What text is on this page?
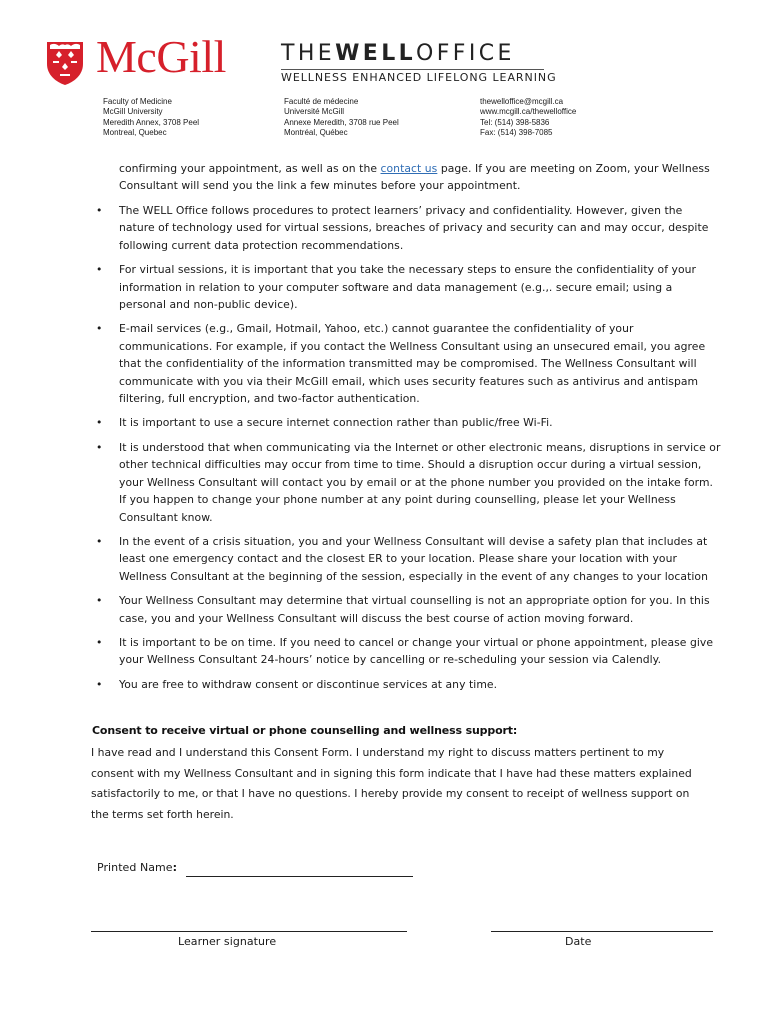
McGill	THEWELLOFFICE
WELLNESS ENHANCED LIFELONG LEARNING
Faculty of Medicine
McGill University
Meredith Annex, 3708 Peel
Montreal, Quebec
Faculté de médecine
Université McGill
Annexe Meredith, 3708 rue Peel
Montréal, Québec
thewelloffice@mcgill.ca
www.mcgill.ca/thewelloffice
Tel: (514) 398-5836
Fax: (514) 398-7085
confirming your appointment, as well as on the contact us page. If you are meeting on Zoom, your Wellness Consultant will send you the link a few minutes before your appointment.
• The WELL Office follows procedures to protect learners’ privacy and confidentiality. However, given the nature of technology used for virtual sessions, breaches of privacy and security can and may occur, despite following current data protection recommendations.
• For virtual sessions, it is important that you take the necessary steps to ensure the confidentiality of your information in relation to your computer software and data management (e.g.,. secure email; using a personal and non-public device).
• E-mail services (e.g., Gmail, Hotmail, Yahoo, etc.) cannot guarantee the confidentiality of your communications. For example, if you contact the Wellness Consultant using an unsecured email, you agree that the confidentiality of the information transmitted may be compromised. The Wellness Consultant will communicate with you via their McGill email, which uses security features such as antivirus and antispam filtering, full encryption, and two-factor authentication.
• It is important to use a secure internet connection rather than public/free Wi-Fi.
• It is understood that when communicating via the Internet or other electronic means, disruptions in service or other technical difficulties may occur from time to time. Should a disruption occur during a virtual session, your Wellness Consultant will contact you by email or at the phone number you provided on the intake form. If you happen to change your phone number at any point during counselling, please let your Wellness Consultant know.
• In the event of a crisis situation, you and your Wellness Consultant will devise a safety plan that includes at least one emergency contact and the closest ER to your location. Please share your location with your Wellness Consultant at the beginning of the session, especially in the event of any changes to your location
• Your Wellness Consultant may determine that virtual counselling is not an appropriate option for you. In this case, you and your Wellness Consultant will discuss the best course of action moving forward.
• It is important to be on time. If you need to cancel or change your virtual or phone appointment, please give your Wellness Consultant 24-hours’ notice by cancelling or re-scheduling your session via Calendly.
• You are free to withdraw consent or discontinue services at any time.
Consent to receive virtual or phone counselling and wellness support:
I have read and I understand this Consent Form. I understand my right to discuss matters pertinent to my consent with my Wellness Consultant and in signing this form indicate that I have had these matters explained satisfactorily to me, or that I have no questions. I hereby provide my consent to receipt of wellness support on the terms set forth herein.
Printed Name:
Learner signature	Date
